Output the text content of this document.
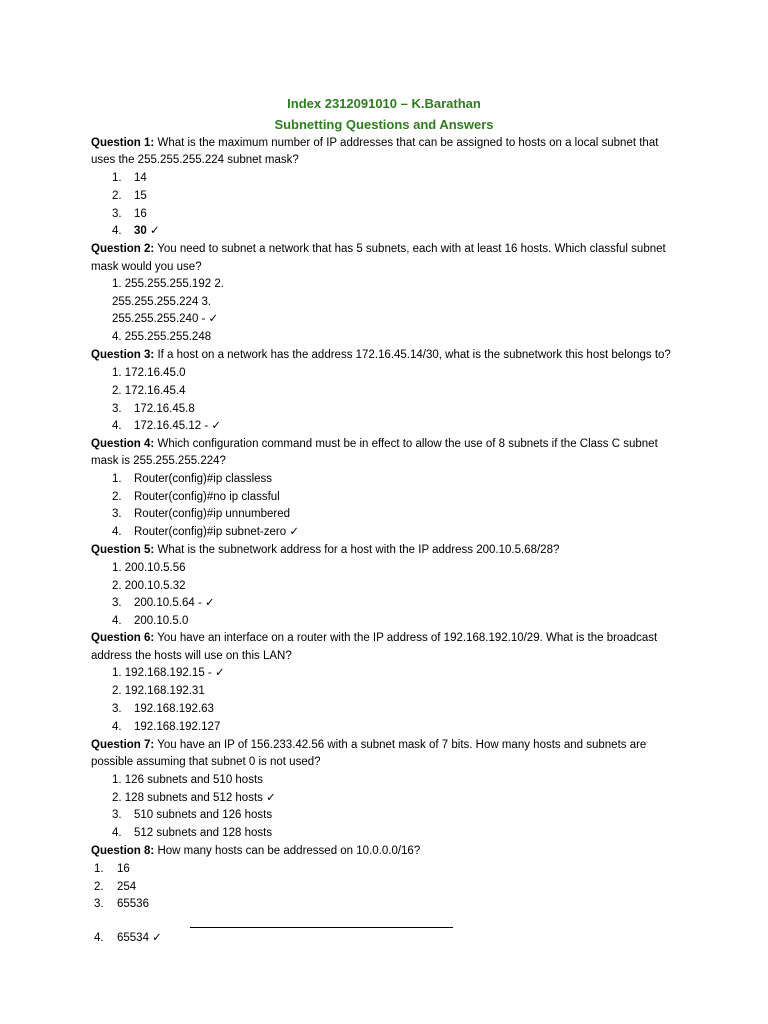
Index 2312091010 – K.Barathan
Subnetting Questions and Answers
Question 1: What is the maximum number of IP addresses that can be assigned to hosts on a local subnet that
uses the 255.255.255.224 subnet mask?
1. 14
2. 15
3. 16
4. 30 ✓
Question 2: You need to subnet a network that has 5 subnets, each with at least 16 hosts. Which classful subnet
mask would you use?
1. 255.255.255.192 2.
255.255.255.224 3.
255.255.255.240 - ✓
4. 255.255.255.248
Question 3: If a host on a network has the address 172.16.45.14/30, what is the subnetwork this host belongs to?
1. 172.16.45.0
2. 172.16.45.4
3. 172.16.45.8
4. 172.16.45.12 - ✓
Question 4: Which configuration command must be in effect to allow the use of 8 subnets if the Class C subnet
mask is 255.255.255.224?
1. Router(config)#ip classless
2. Router(config)#no ip classful
3. Router(config)#ip unnumbered
4. Router(config)#ip subnet-zero ✓
Question 5: What is the subnetwork address for a host with the IP address 200.10.5.68/28?
1. 200.10.5.56
2. 200.10.5.32
3. 200.10.5.64 - ✓
4. 200.10.5.0
Question 6: You have an interface on a router with the IP address of 192.168.192.10/29. What is the broadcast
address the hosts will use on this LAN?
1. 192.168.192.15 - ✓
2. 192.168.192.31
3. 192.168.192.63
4. 192.168.192.127
Question 7: You have an IP of 156.233.42.56 with a subnet mask of 7 bits. How many hosts and subnets are
possible assuming that subnet 0 is not used?
1. 126 subnets and 510 hosts
2. 128 subnets and 512 hosts ✓
3. 510 subnets and 126 hosts
4. 512 subnets and 128 hosts
Question 8: How many hosts can be addressed on 10.0.0.0/16?
1. 16
2. 254
3. 65536
4. 65534 ✓
